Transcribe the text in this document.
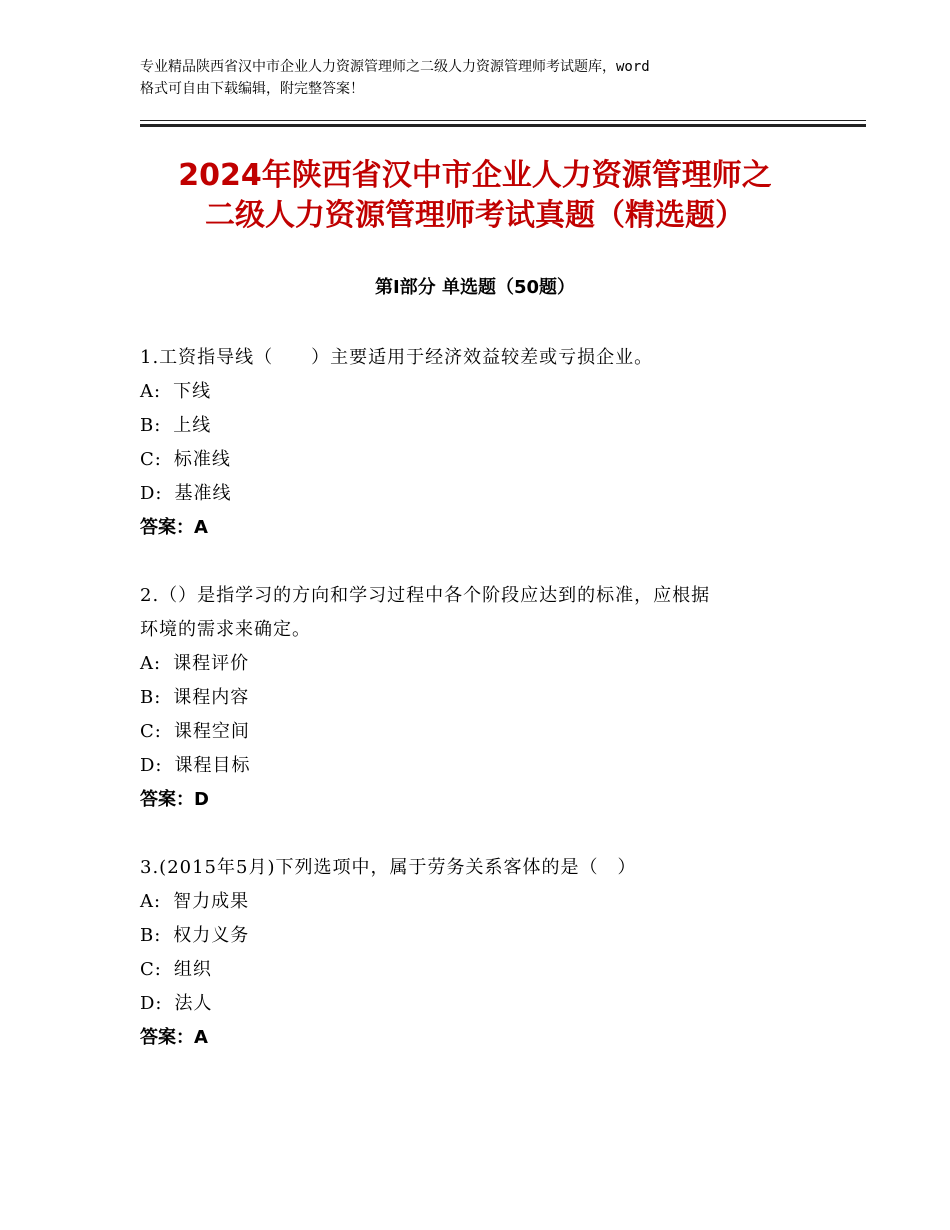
专业精品陕西省汉中市企业人力资源管理师之二级人力资源管理师考试题库，word
格式可自由下载编辑，附完整答案！
2024年陕西省汉中市企业人力资源管理师之
二级人力资源管理师考试真题（精选题）
第Ⅰ部分 单选题（50题）
1.工资指导线（　　）主要适用于经济效益较差或亏损企业。
A: 下线
B: 上线
C: 标准线
D: 基准线
答案：A
2.（）是指学习的方向和学习过程中各个阶段应达到的标准，应根据
环境的需求来确定。
A: 课程评价
B: 课程内容
C: 课程空间
D: 课程目标
答案：D
3.(2015年5月)下列选项中，属于劳务关系客体的是（　）
A: 智力成果
B: 权力义务
C: 组织
D: 法人
答案：A
